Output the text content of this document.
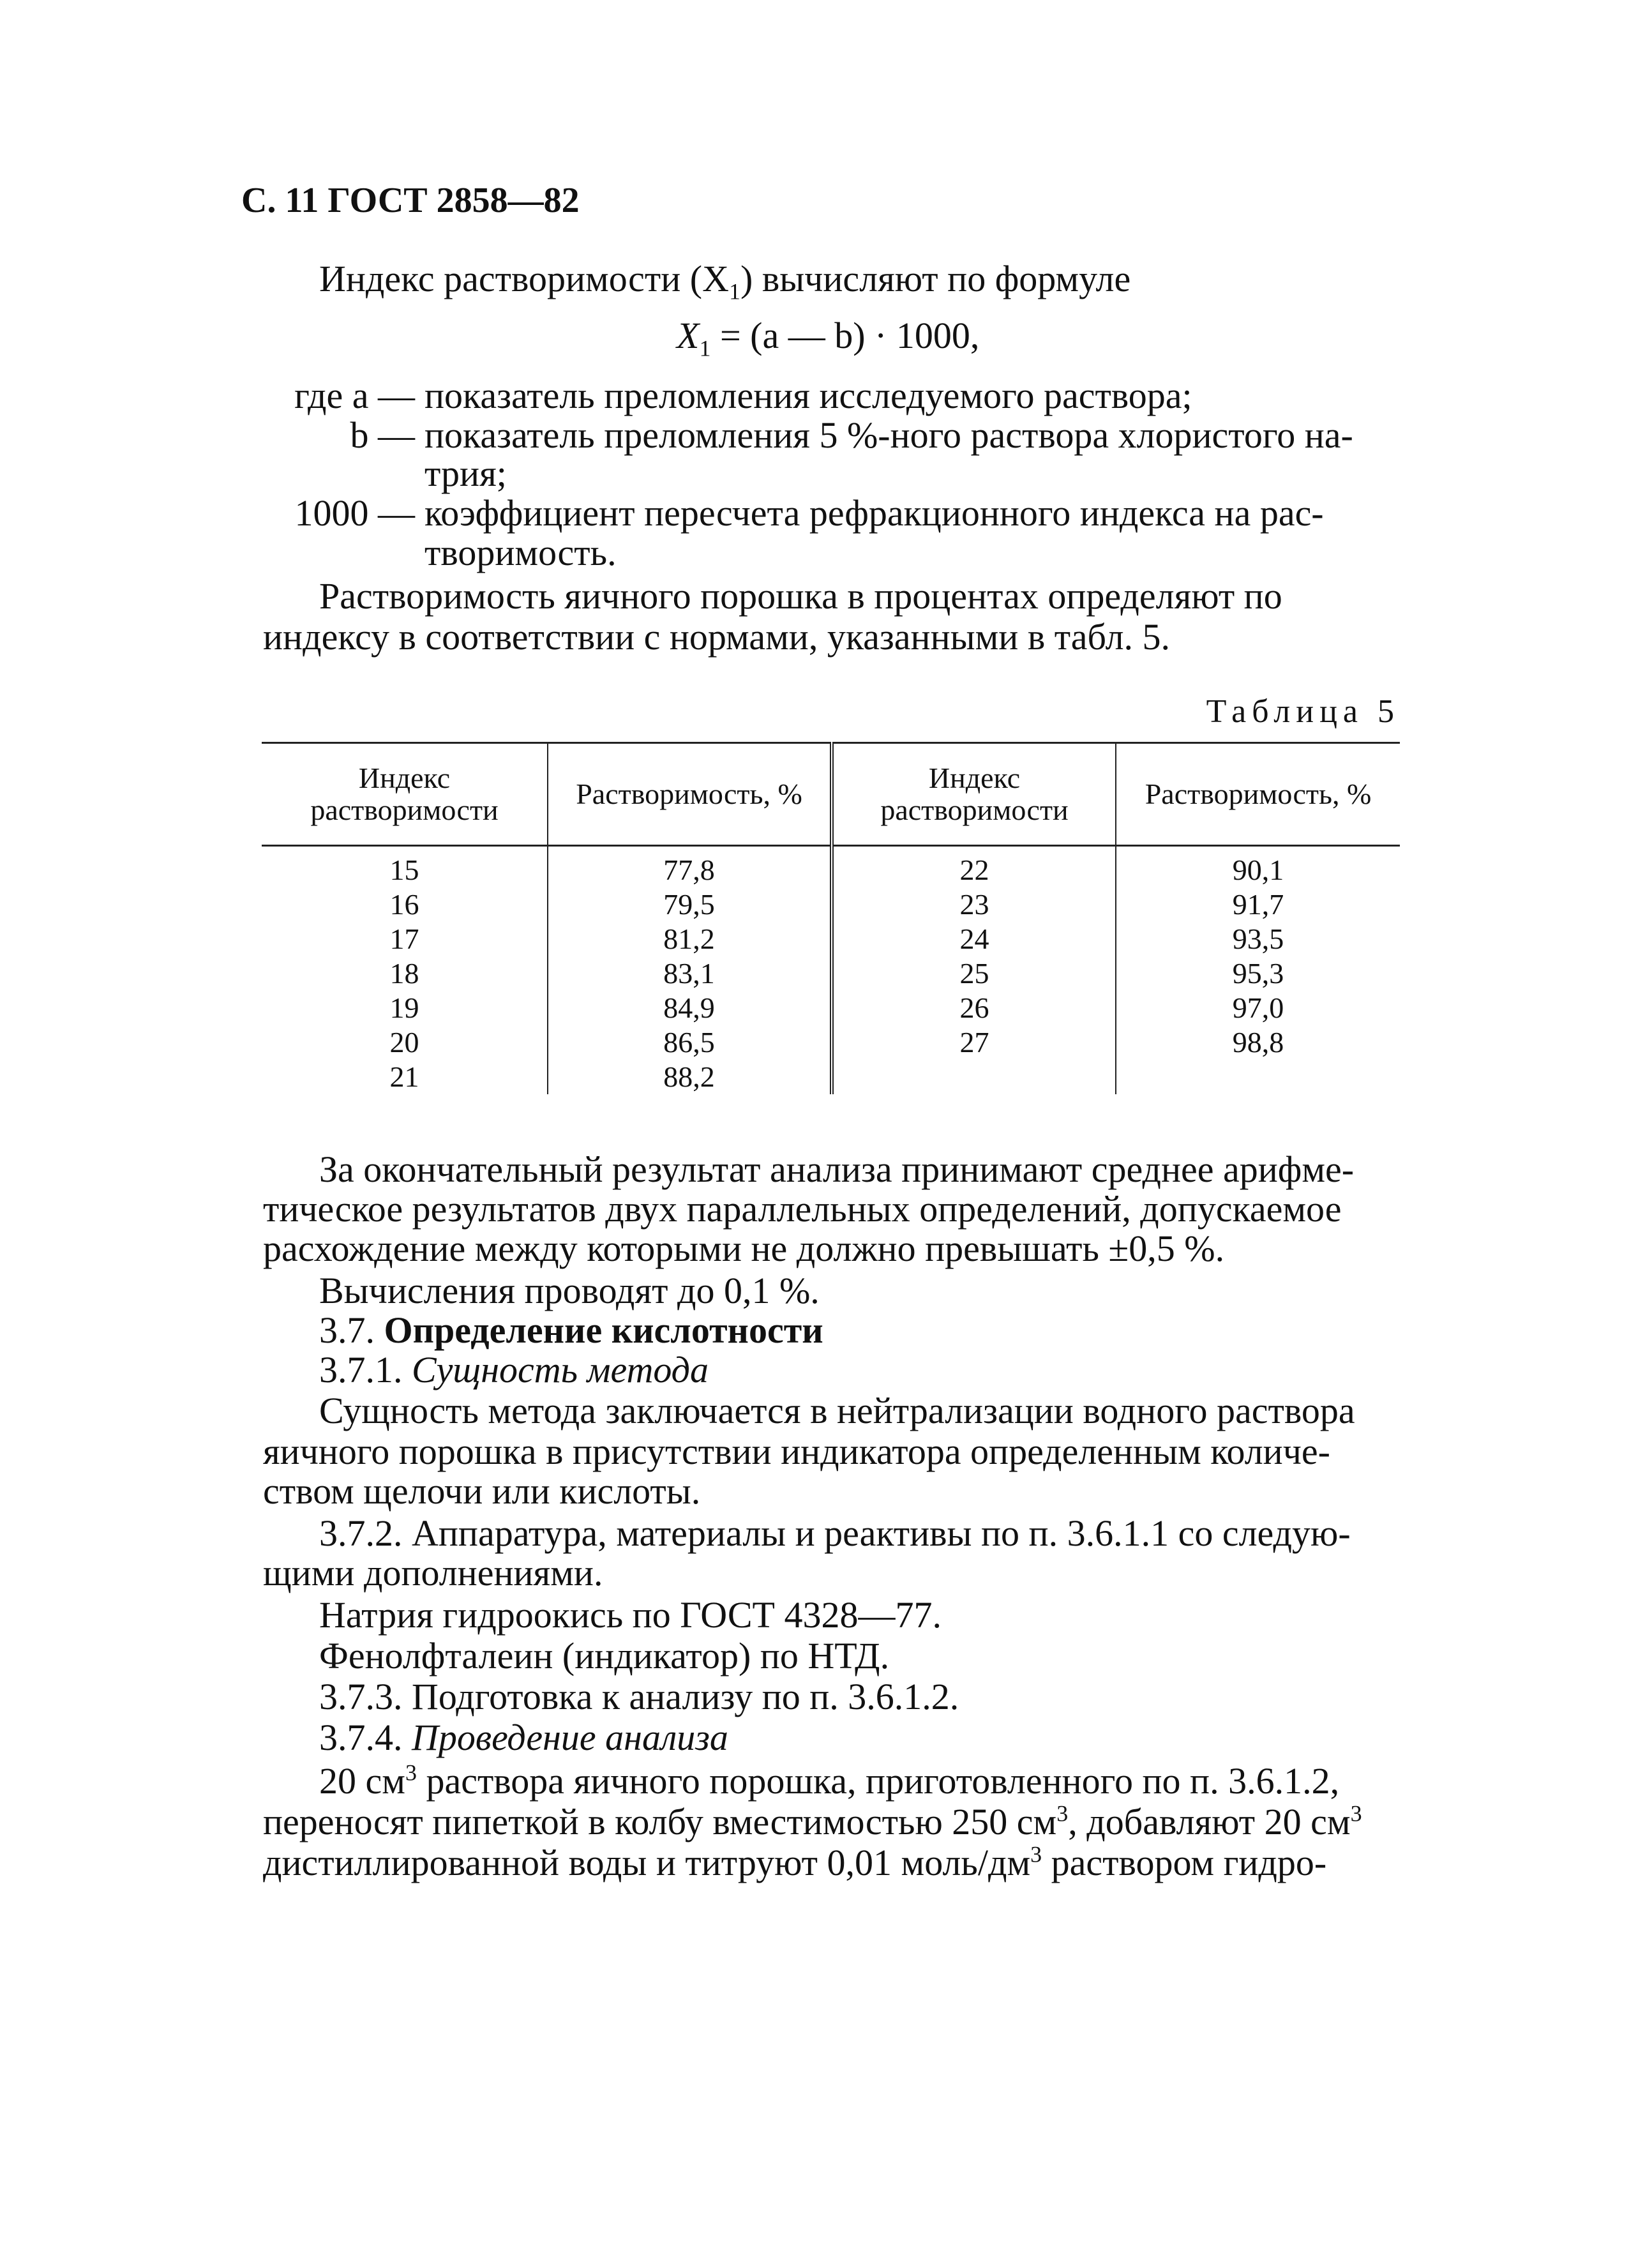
С. 11 ГОСТ 2858—82
Индекс растворимости $(X_1)$ вычисляют по формуле
$X_1 = (a$ — b) · 1000,
где a — показатель преломления исследуемого раствора;
b — показатель преломления 5 %-ного раствора хлористого на-
трия;
1000 — коэффициент пересчета рефракционного индекса на рас-
творимость.
Растворимость яичного порошка в процентах определяют по
индексу в соответствии с нормами, указанными в табл. 5.
Таблица 5
Индекс растворимости	Растворимость, %	Индекс растворимости	Растворимость, %
15	77,8	22	90,1
16	79,5	23	91,7
17	81,2	24	93,5
18	83,1	25	95,3
19	84,9	26	97,0
20	86,5	27	98,8
21	88,2		
За окончательный результат анализа принимают среднее арифме-
тическое результатов двух параллельных определений, допускаемое
расхождение между которыми не должно превышать ±0,5 %.
Вычисления проводят до 0,1 %.
3.7. Определение кислотности
3.7.1. Сущность метода
Сущность метода заключается в нейтрализации водного раствора
яичного порошка в присутствии индикатора определенным количе-
ством щелочи или кислоты.
3.7.2. Аппаратура, материалы и реактивы по п. 3.6.1.1 со следую-
щими дополнениями.
Натрия гидроокись по ГОСТ 4328—77.
Фенолфталеин (индикатор) по НТД.
3.7.3. Подготовка к анализу по п. 3.6.1.2.
3.7.4. Проведение анализа
20 $см^3$ раствора яичного порошка, приготовленного по п. 3.6.1.2,
переносят пипеткой в колбу вместимостью 250 $см^3$, добавляют 20 $см^3$
дистиллированной воды и титруют 0,01 моль/$дм^3$ раствором гидро-
